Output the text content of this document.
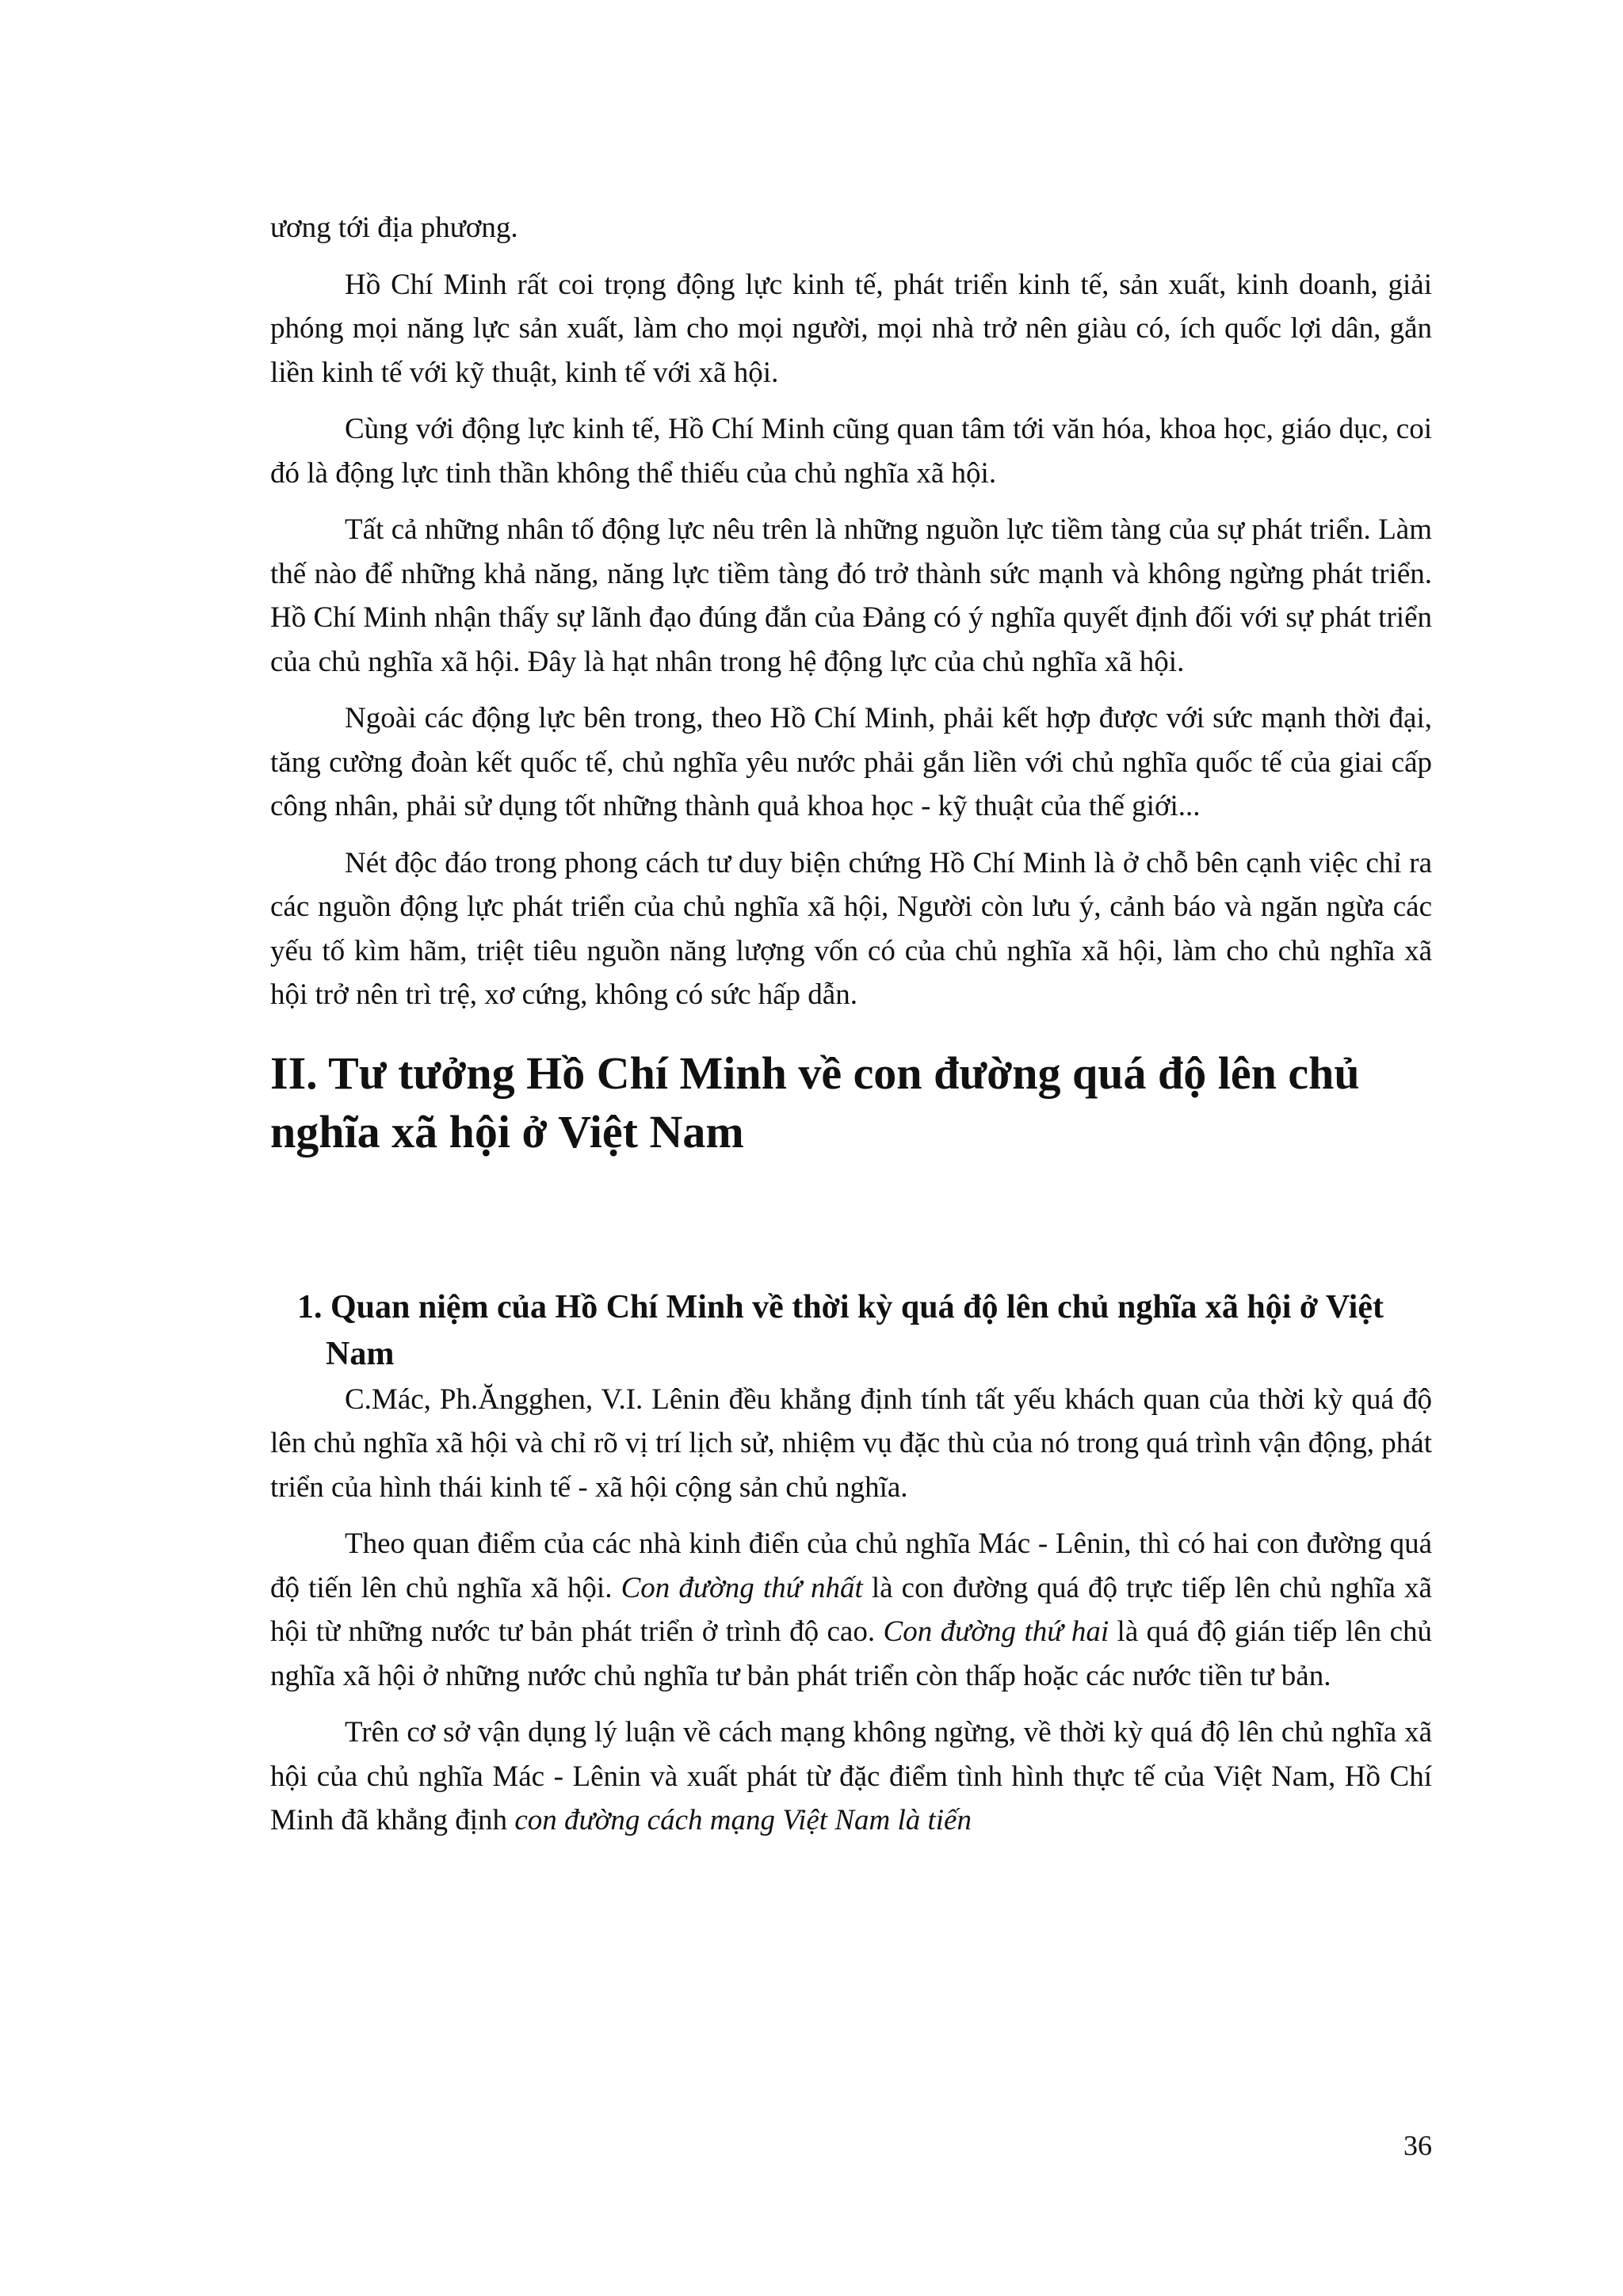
ương tới địa phương.

Hồ Chí Minh rất coi trọng động lực kinh tế, phát triển kinh tế, sản xuất, kinh doanh, giải phóng mọi năng lực sản xuất, làm cho mọi người, mọi nhà trở nên giàu có, ích quốc lợi dân, gắn liền kinh tế với kỹ thuật, kinh tế với xã hội.

Cùng với động lực kinh tế, Hồ Chí Minh cũng quan tâm tới văn hóa, khoa học, giáo dục, coi đó là động lực tinh thần không thể thiếu của chủ nghĩa xã hội.

Tất cả những nhân tố động lực nêu trên là những nguồn lực tiềm tàng của sự phát triển. Làm thế nào để những khả năng, năng lực tiềm tàng đó trở thành sức mạnh và không ngừng phát triển. Hồ Chí Minh nhận thấy sự lãnh đạo đúng đắn của Đảng có ý nghĩa quyết định đối với sự phát triển của chủ nghĩa xã hội. Đây là hạt nhân trong hệ động lực của chủ nghĩa xã hội.

Ngoài các động lực bên trong, theo Hồ Chí Minh, phải kết hợp được với sức mạnh thời đại, tăng cường đoàn kết quốc tế, chủ nghĩa yêu nước phải gắn liền với chủ nghĩa quốc tế của giai cấp công nhân, phải sử dụng tốt những thành quả khoa học - kỹ thuật của thế giới...

Nét độc đáo trong phong cách tư duy biện chứng Hồ Chí Minh là ở chỗ bên cạnh việc chỉ ra các nguồn động lực phát triển của chủ nghĩa xã hội, Người còn lưu ý, cảnh báo và ngăn ngừa các yếu tố kìm hãm, triệt tiêu nguồn năng lượng vốn có của chủ nghĩa xã hội, làm cho chủ nghĩa xã hội trở nên trì trệ, xơ cứng, không có sức hấp dẫn.

II. Tư tưởng Hồ Chí Minh về con đường quá độ lên chủ nghĩa xã hội ở Việt Nam
1. Quan niệm của Hồ Chí Minh về thời kỳ quá độ lên chủ nghĩa xã hội ở Việt Nam

C.Mác, Ph.Ăngghen, V.I. Lênin đều khẳng định tính tất yếu khách quan của thời kỳ quá độ lên chủ nghĩa xã hội và chỉ rõ vị trí lịch sử, nhiệm vụ đặc thù của nó trong quá trình vận động, phát triển của hình thái kinh tế - xã hội cộng sản chủ nghĩa.

Theo quan điểm của các nhà kinh điển của chủ nghĩa Mác - Lênin, thì có hai con đường quá độ tiến lên chủ nghĩa xã hội. Con đường thứ nhất là con đường quá độ trực tiếp lên chủ nghĩa xã hội từ những nước tư bản phát triển ở trình độ cao. Con đường thứ hai là quá độ gián tiếp lên chủ nghĩa xã hội ở những nước chủ nghĩa tư bản phát triển còn thấp hoặc các nước tiền tư bản.

Trên cơ sở vận dụng lý luận về cách mạng không ngừng, về thời kỳ quá độ lên chủ nghĩa xã hội của chủ nghĩa Mác - Lênin và xuất phát từ đặc điểm tình hình thực tế của Việt Nam, Hồ Chí Minh đã khẳng định con đường cách mạng Việt Nam là tiến

36
